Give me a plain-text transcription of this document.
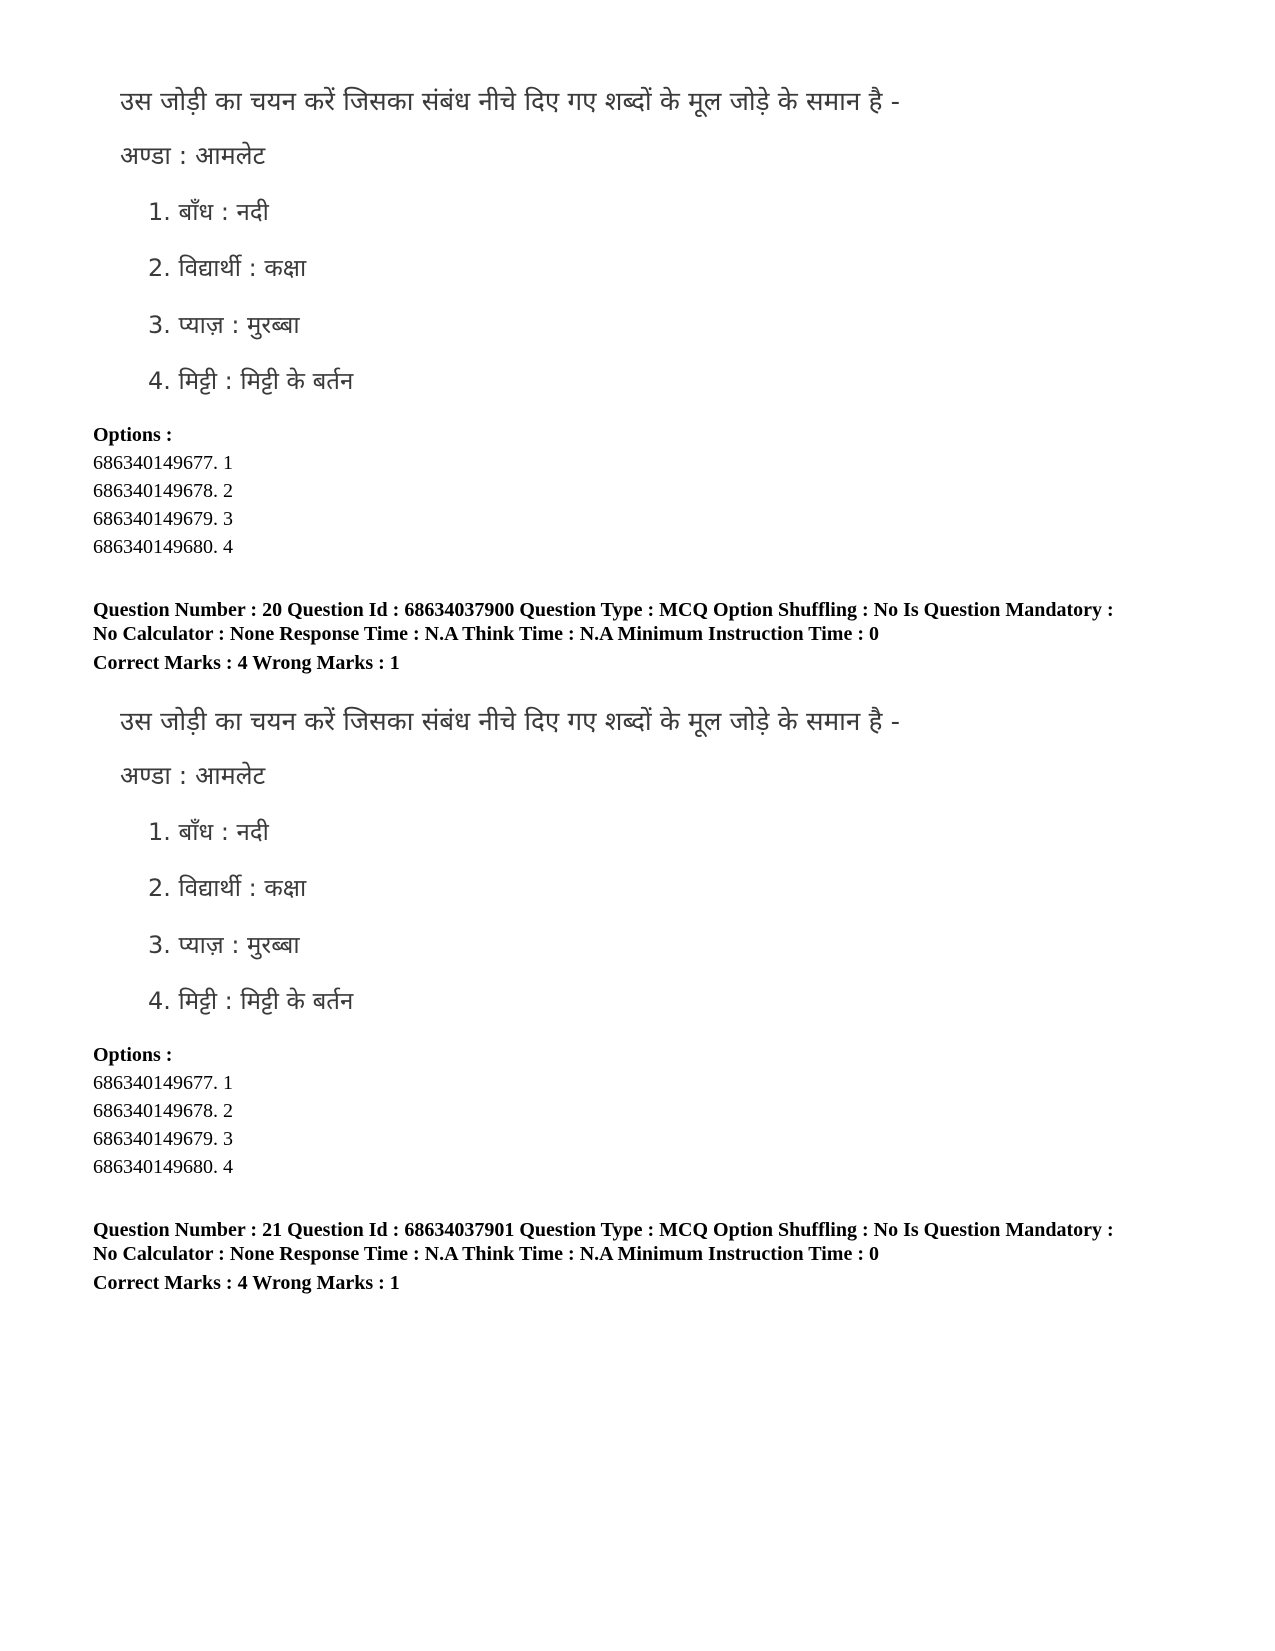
उस जोड़ी का चयन करें जिसका संबंध नीचे दिए गए शब्दों के मूल जोड़े के समान है -
अण्डा : आमलेट
1. बाँध : नदी
2. विद्यार्थी : कक्षा
3. प्याज़ : मुरब्बा
4. मिट्टी : मिट्टी के बर्तन
Options :
686340149677. 1
686340149678. 2
686340149679. 3
686340149680. 4
Question Number : 20 Question Id : 68634037900 Question Type : MCQ Option Shuffling : No Is Question Mandatory :
No Calculator : None Response Time : N.A Think Time : N.A Minimum Instruction Time : 0
Correct Marks : 4 Wrong Marks : 1
उस जोड़ी का चयन करें जिसका संबंध नीचे दिए गए शब्दों के मूल जोड़े के समान है -
अण्डा : आमलेट
1. बाँध : नदी
2. विद्यार्थी : कक्षा
3. प्याज़ : मुरब्बा
4. मिट्टी : मिट्टी के बर्तन
Options :
686340149677. 1
686340149678. 2
686340149679. 3
686340149680. 4
Question Number : 21 Question Id : 68634037901 Question Type : MCQ Option Shuffling : No Is Question Mandatory :
No Calculator : None Response Time : N.A Think Time : N.A Minimum Instruction Time : 0
Correct Marks : 4 Wrong Marks : 1
